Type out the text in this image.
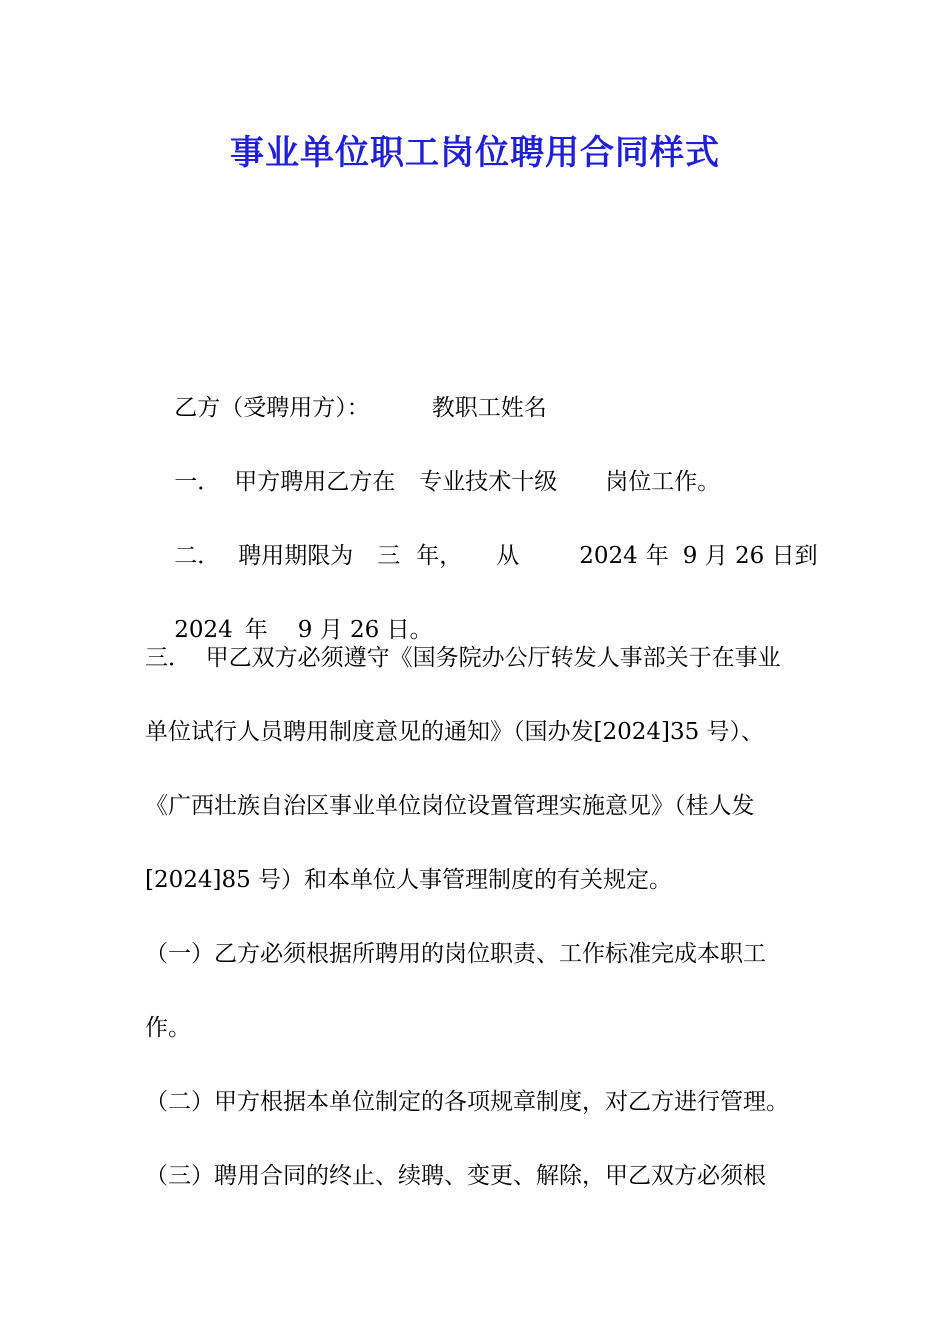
事业单位职工岗位聘用合同样式

乙方（受聘用方）：	教职工姓名

一． 甲方聘用乙方在 专业技术十级 岗位工作。

二． 聘用期限为 三 年， 从	2024 年 9 月 26 日到

2024 年 9 月 26 日。

三．  甲乙双方必须遵守《国务院办公厅转发人事部关于在事业
单位试行人员聘用制度意见的通知》（国办发[2024]35 号）、
《广西壮族自治区事业单位岗位设置管理实施意见》（桂人发
[2024]85 号）和本单位人事管理制度的有关规定。
（一）乙方必须根据所聘用的岗位职责、工作标准完成本职工
作。
（二）甲方根据本单位制定的各项规章制度，对乙方进行管理。
（三）聘用合同的终止、续聘、变更、解除，甲乙双方必须根
